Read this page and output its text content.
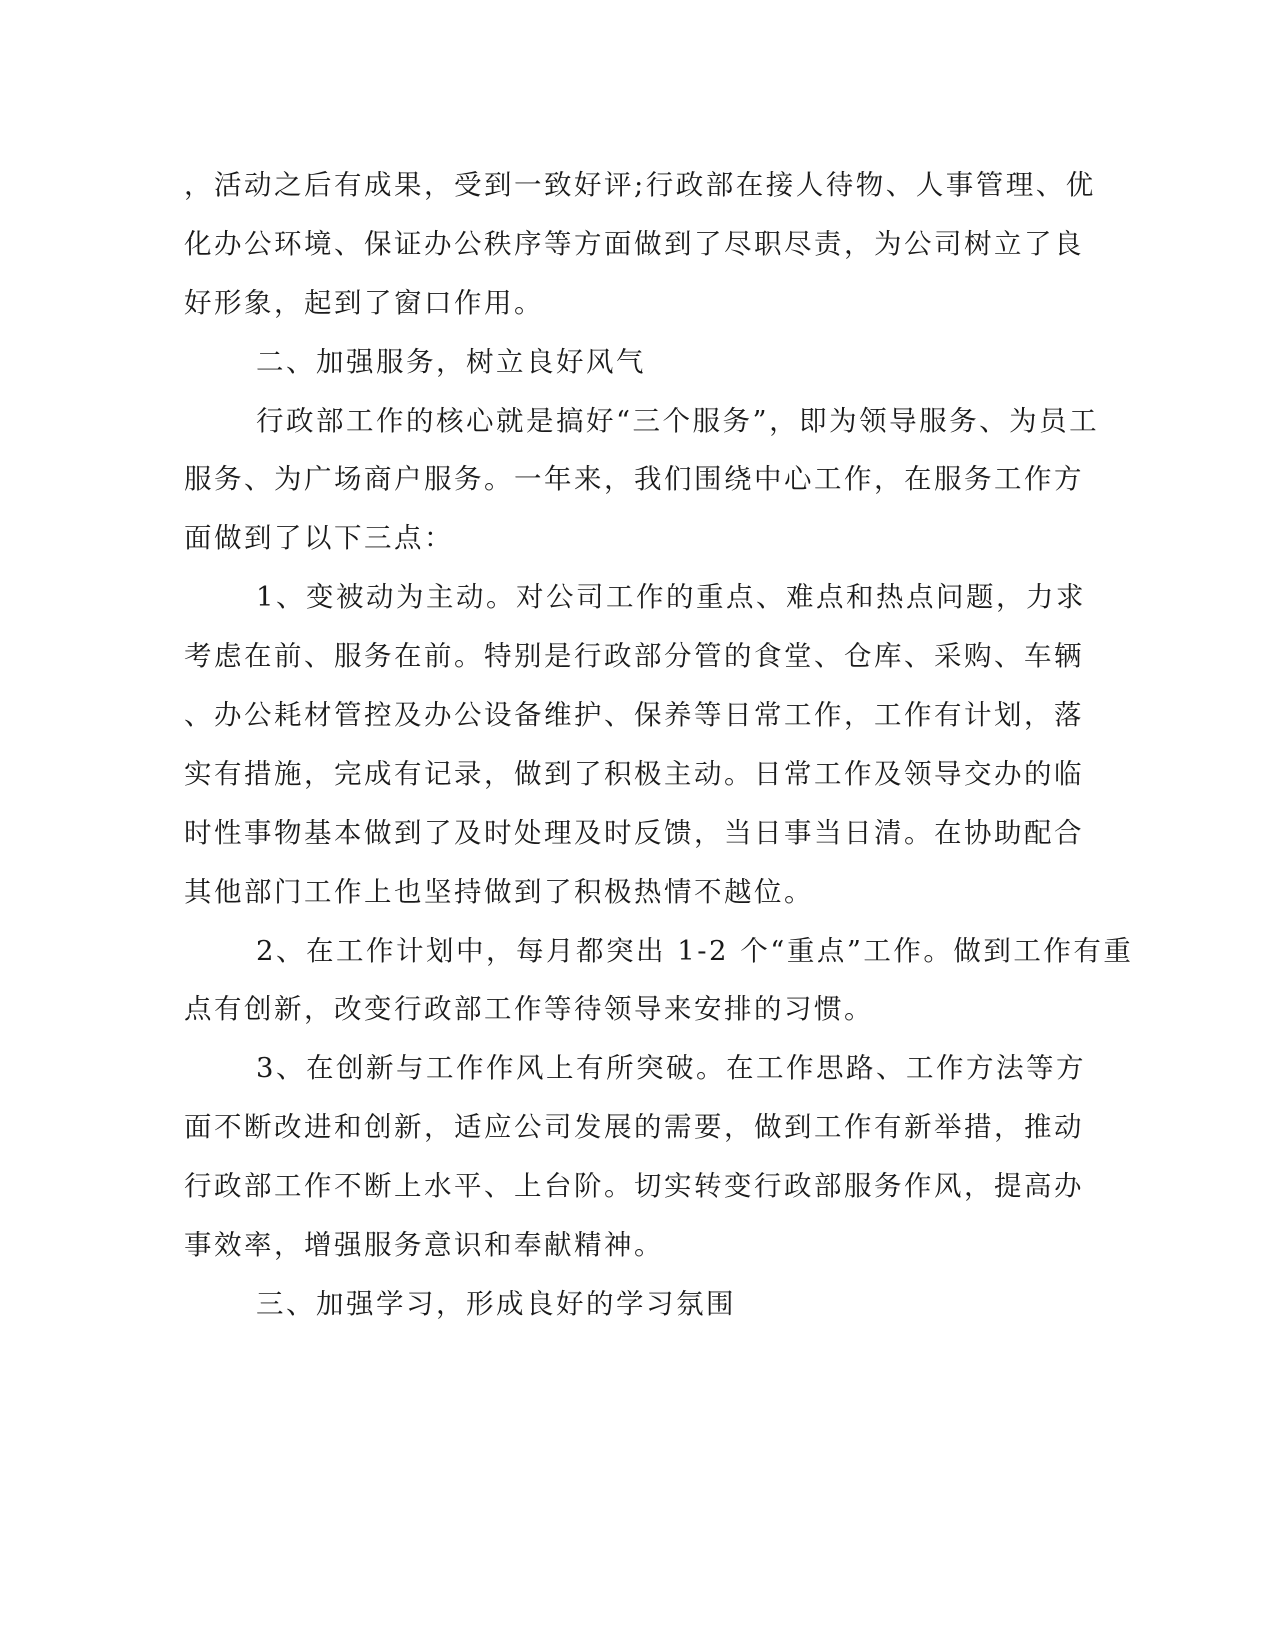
，活动之后有成果，受到一致好评;行政部在接人待物、人事管理、优
化办公环境、保证办公秩序等方面做到了尽职尽责，为公司树立了良
好形象，起到了窗口作用。
二、加强服务，树立良好风气
行政部工作的核心就是搞好“三个服务”，即为领导服务、为员工
服务、为广场商户服务。一年来，我们围绕中心工作，在服务工作方
面做到了以下三点：
1、变被动为主动。对公司工作的重点、难点和热点问题，力求
考虑在前、服务在前。特别是行政部分管的食堂、仓库、采购、车辆
、办公耗材管控及办公设备维护、保养等日常工作，工作有计划，落
实有措施，完成有记录，做到了积极主动。日常工作及领导交办的临
时性事物基本做到了及时处理及时反馈，当日事当日清。在协助配合
其他部门工作上也坚持做到了积极热情不越位。
2、在工作计划中，每月都突出 1-2 个“重点”工作。做到工作有重
点有创新，改变行政部工作等待领导来安排的习惯。
3、在创新与工作作风上有所突破。在工作思路、工作方法等方
面不断改进和创新，适应公司发展的需要，做到工作有新举措，推动
行政部工作不断上水平、上台阶。切实转变行政部服务作风，提高办
事效率，增强服务意识和奉献精神。
三、加强学习，形成良好的学习氛围
